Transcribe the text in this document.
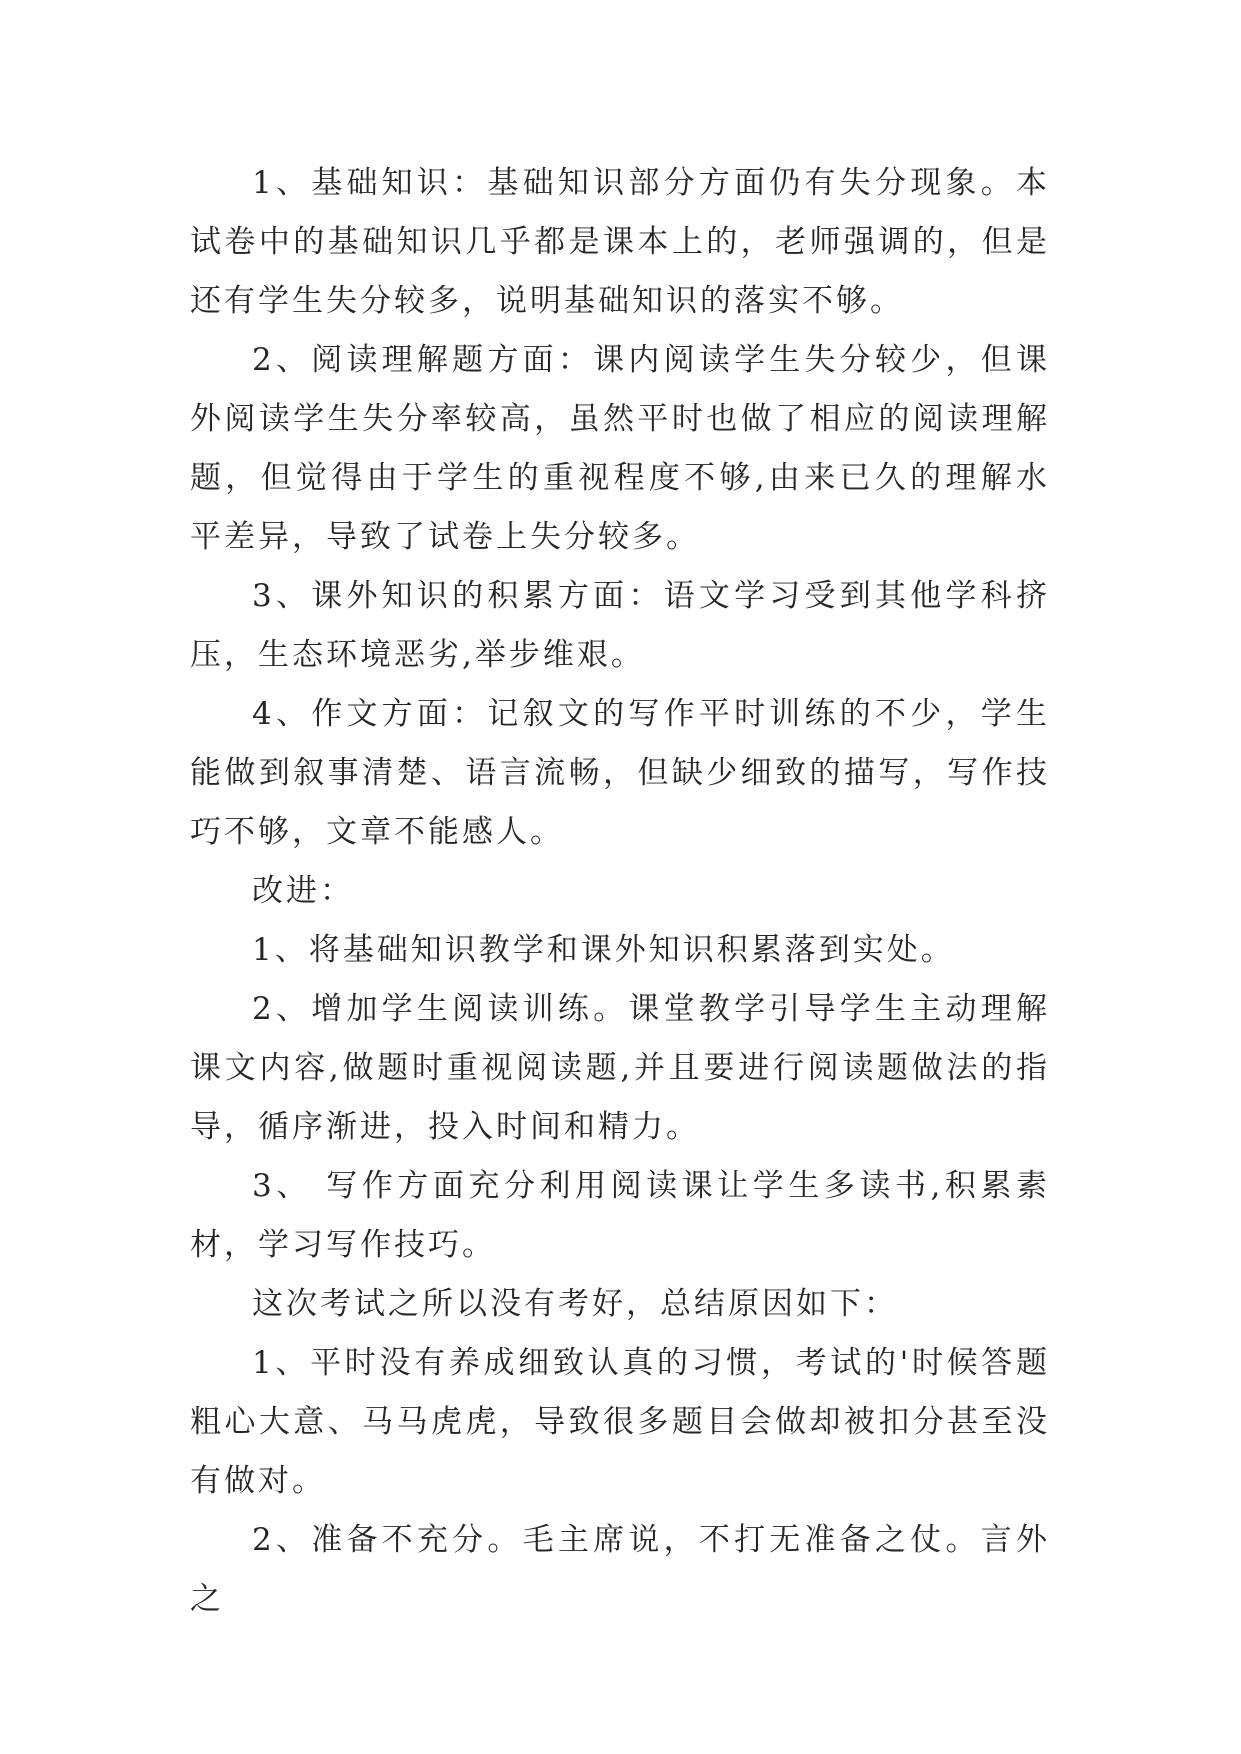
1、基础知识：基础知识部分方面仍有失分现象。本试卷中的基础知识几乎都是课本上的，老师强调的，但是还有学生失分较多，说明基础知识的落实不够。

2、阅读理解题方面：课内阅读学生失分较少，但课外阅读学生失分率较高，虽然平时也做了相应的阅读理解题，但觉得由于学生的重视程度不够,由来已久的理解水平差异，导致了试卷上失分较多。

3、课外知识的积累方面：语文学习受到其他学科挤压，生态环境恶劣,举步维艰。

4、作文方面：记叙文的写作平时训练的不少，学生能做到叙事清楚、语言流畅，但缺少细致的描写，写作技巧不够，文章不能感人。

改进：

1、将基础知识教学和课外知识积累落到实处。

2、增加学生阅读训练。课堂教学引导学生主动理解课文内容,做题时重视阅读题,并且要进行阅读题做法的指导，循序渐进，投入时间和精力。

3、 写作方面充分利用阅读课让学生多读书,积累素材，学习写作技巧。

这次考试之所以没有考好，总结原因如下：

1、平时没有养成细致认真的习惯，考试的'时候答题粗心大意、马马虎虎，导致很多题目会做却被扣分甚至没有做对。

2、准备不充分。毛主席说，不打无准备之仗。言外之
